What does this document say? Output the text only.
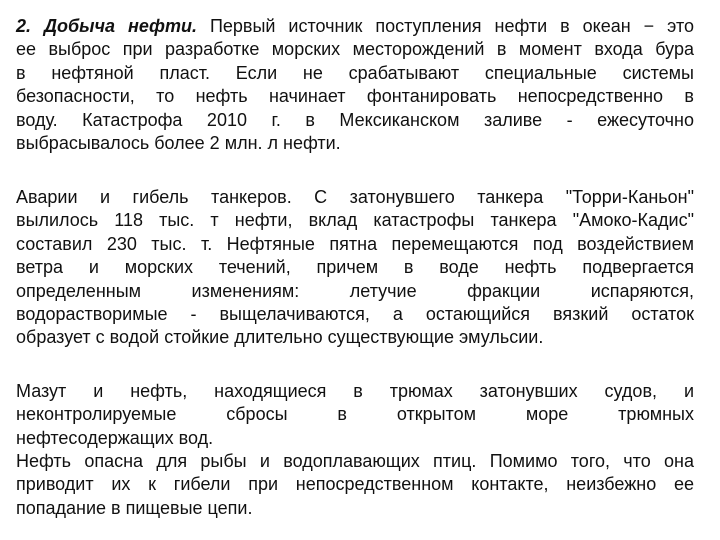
2. Добыча нефти. Первый источник поступления нефти в океан − это
ее выброс при разработке морских месторождений в момент входа бура
в нефтяной пласт. Если не срабатывают специальные системы
безопасности, то нефть начинает фонтанировать непосредственно в
воду. Катастрофа 2010 г. в Мексиканском заливе - ежесуточно
выбрасывалось более 2 млн. л нефти.
Аварии и гибель танкеров. С затонувшего танкера "Торри-Каньон"
вылилось 118 тыс. т нефти, вклад катастрофы танкера "Амоко-Кадис"
составил 230 тыс. т. Нефтяные пятна перемещаются под воздействием
ветра и морских течений, причем в воде нефть подвергается
определенным изменениям: летучие фракции испаряются,
водорастворимые - выщелачиваются, а остающийся вязкий остаток
образует с водой стойкие длительно существующие эмульсии.
Мазут и нефть, находящиеся в трюмах затонувших судов, и
неконтролируемые сбросы в открытом море трюмных
нефтесодержащих вод.
Нефть опасна для рыбы и водоплавающих птиц. Помимо того, что она
приводит их к гибели при непосредственном контакте, неизбежно ее
попадание в пищевые цепи.
